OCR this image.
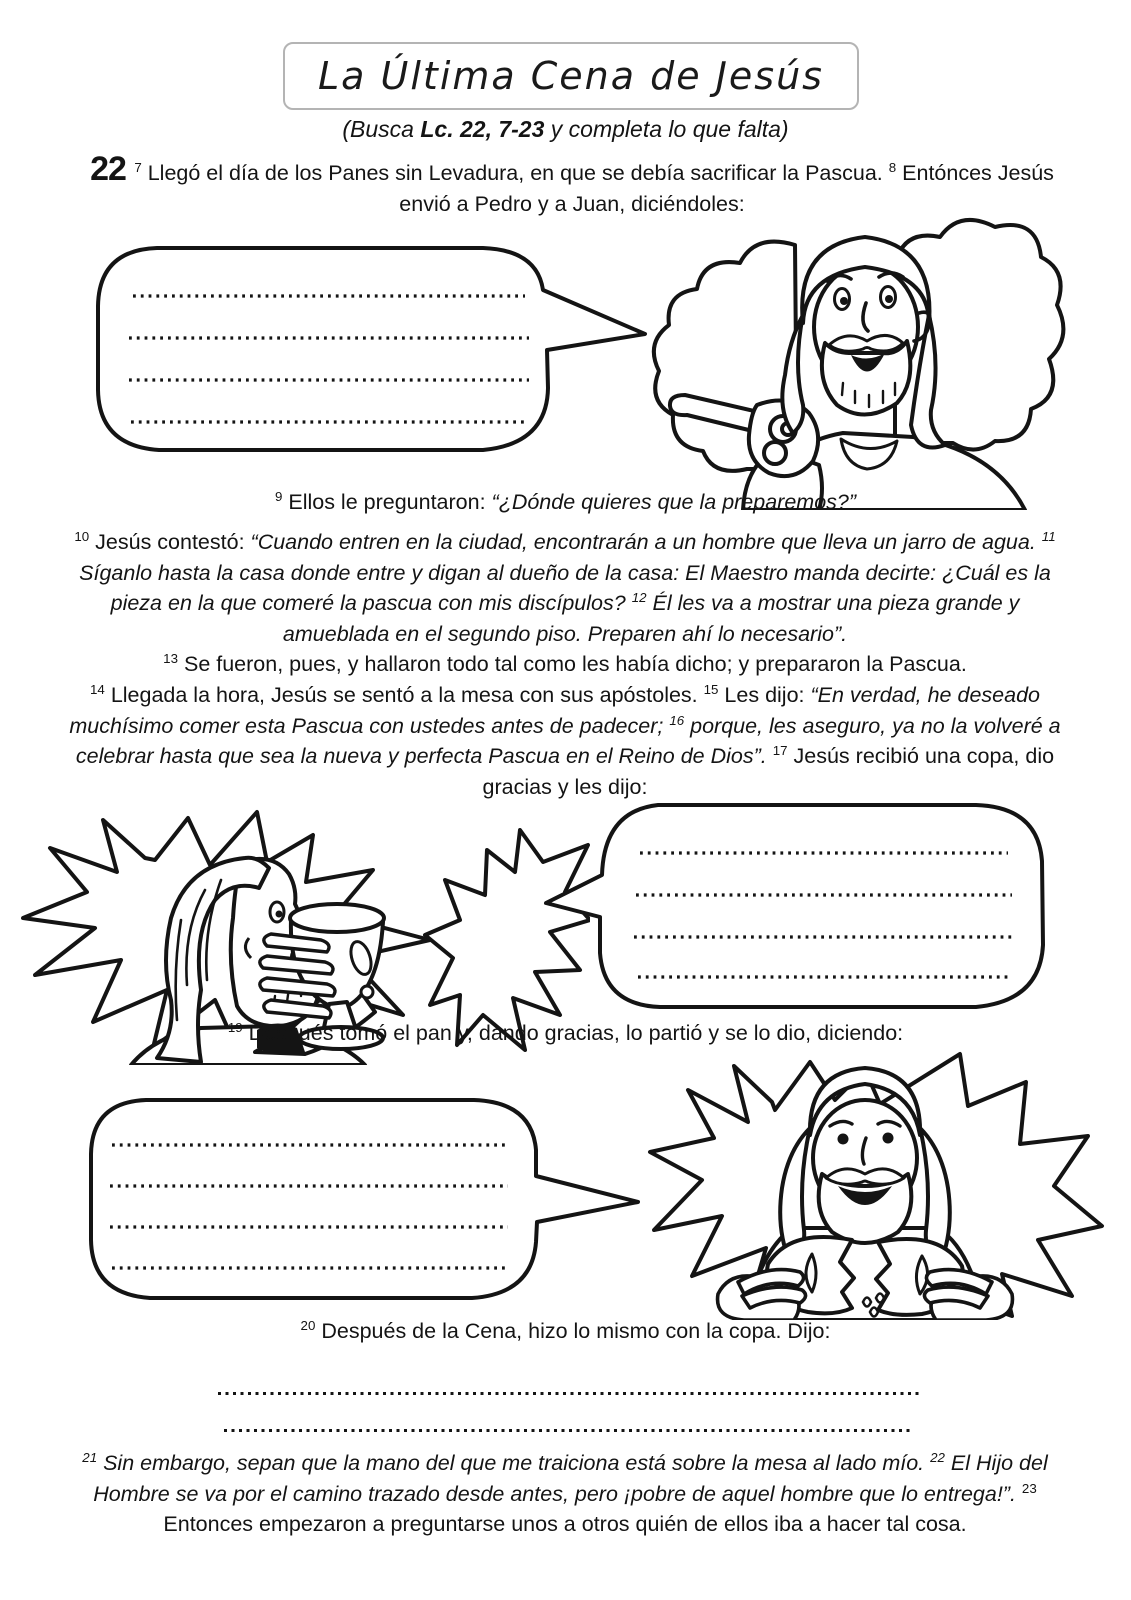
La Última Cena de Jesús
(Busca Lc. 22, 7-23 y completa lo que falta)
22 $^7$ Llegó el día de los Panes sin Levadura, en que se debía sacrificar la Pascua. $^8$ Entónces Jesús envió a Pedro y a Juan, diciéndoles:
$^9$ Ellos le preguntaron: “¿Dónde quieres que la preparemos?”
$^{10}$ Jesús contestó: “Cuando entren en la ciudad, encontrarán a un hombre que lleva un jarro de agua. $^{11}$ Síganlo hasta la casa donde entre y digan al dueño de la casa: El Maestro manda decirte: ¿Cuál es la pieza en la que comeré la pascua con mis discípulos? $^{12}$ Él les va a mostrar una pieza grande y amueblada en el segundo piso. Preparen ahí lo necesario”.
$^{13}$ Se fueron, pues, y hallaron todo tal como les había dicho; y prepararon la Pascua.
$^{14}$ Llegada la hora, Jesús se sentó a la mesa con sus apóstoles. $^{15}$ Les dijo: “En verdad, he deseado muchísimo comer esta Pascua con ustedes antes de padecer; $^{16}$ porque, les aseguro, ya no la volveré a celebrar hasta que sea la nueva y perfecta Pascua en el Reino de Dios”. $^{17}$ Jesús recibió una copa, dio gracias y les dijo:
$^{19}$ Después tomó el pan y, dando gracias, lo partió y se lo dio, diciendo:
$^{20}$ Después de la Cena, hizo lo mismo con la copa. Dijo:
$^{21}$ Sin embargo, sepan que la mano del que me traiciona está sobre la mesa al lado mío. $^{22}$ El Hijo del Hombre se va por el camino trazado desde antes, pero ¡pobre de aquel hombre que lo entrega!”. $^{23}$ Entonces empezaron a preguntarse unos a otros quién de ellos iba a hacer tal cosa.
